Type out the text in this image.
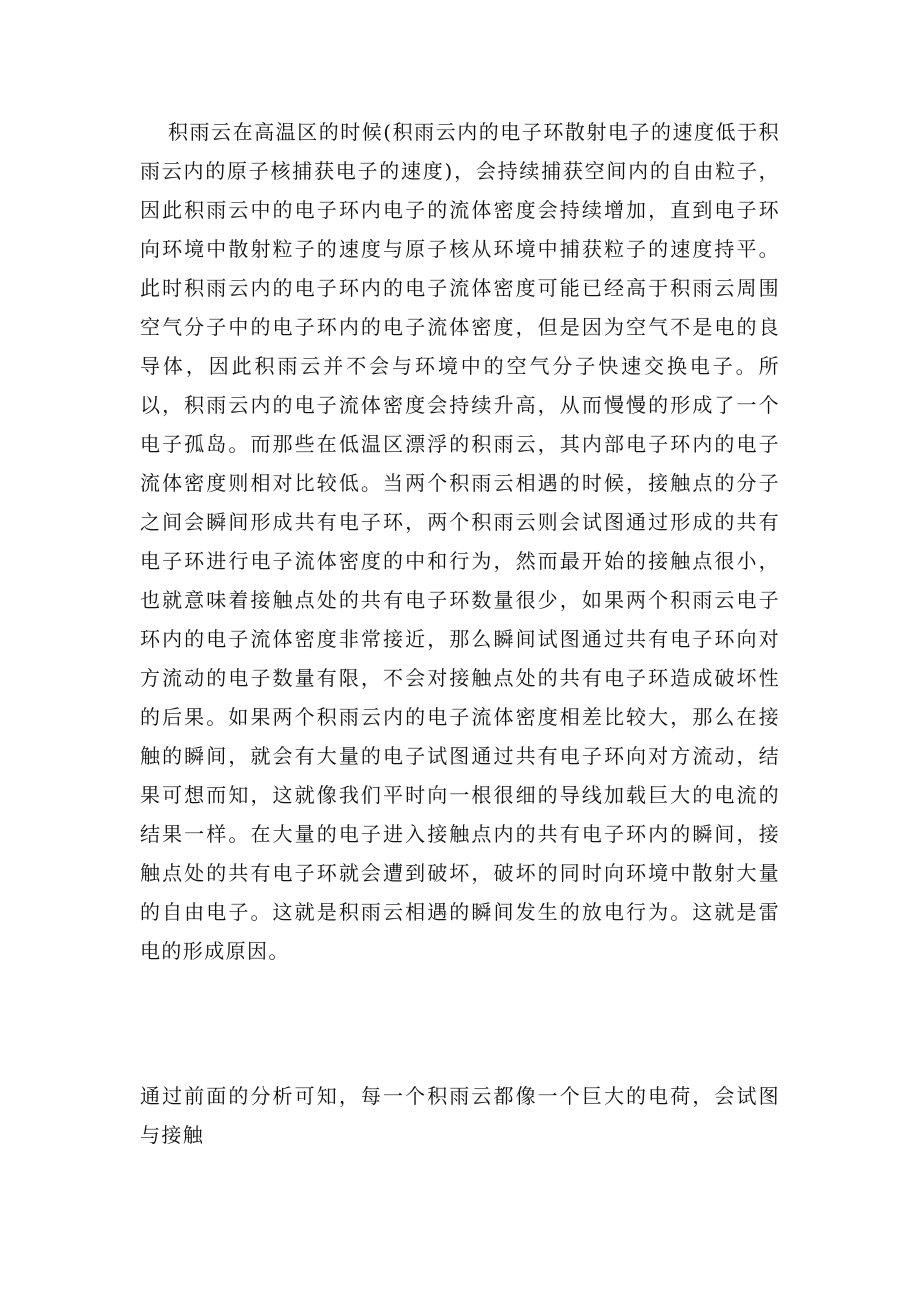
积雨云在高温区的时候(积雨云内的电子环散射电子的速度低于积雨云内的原子核捕获电子的速度)，会持续捕获空间内的自由粒子，因此积雨云中的电子环内电子的流体密度会持续增加，直到电子环向环境中散射粒子的速度与原子核从环境中捕获粒子的速度持平。此时积雨云内的电子环内的电子流体密度可能已经高于积雨云周围空气分子中的电子环内的电子流体密度，但是因为空气不是电的良导体，因此积雨云并不会与环境中的空气分子快速交换电子。所以，积雨云内的电子流体密度会持续升高，从而慢慢的形成了一个电子孤岛。而那些在低温区漂浮的积雨云，其内部电子环内的电子流体密度则相对比较低。当两个积雨云相遇的时候，接触点的分子之间会瞬间形成共有电子环，两个积雨云则会试图通过形成的共有电子环进行电子流体密度的中和行为，然而最开始的接触点很小，也就意味着接触点处的共有电子环数量很少，如果两个积雨云电子环内的电子流体密度非常接近，那么瞬间试图通过共有电子环向对方流动的电子数量有限，不会对接触点处的共有电子环造成破坏性的后果。如果两个积雨云内的电子流体密度相差比较大，那么在接触的瞬间，就会有大量的电子试图通过共有电子环向对方流动，结果可想而知，这就像我们平时向一根很细的导线加载巨大的电流的结果一样。在大量的电子进入接触点内的共有电子环内的瞬间，接触点处的共有电子环就会遭到破坏，破坏的同时向环境中散射大量的自由电子。这就是积雨云相遇的瞬间发生的放电行为。这就是雷电的形成原因。

通过前面的分析可知，每一个积雨云都像一个巨大的电荷，会试图与接触
